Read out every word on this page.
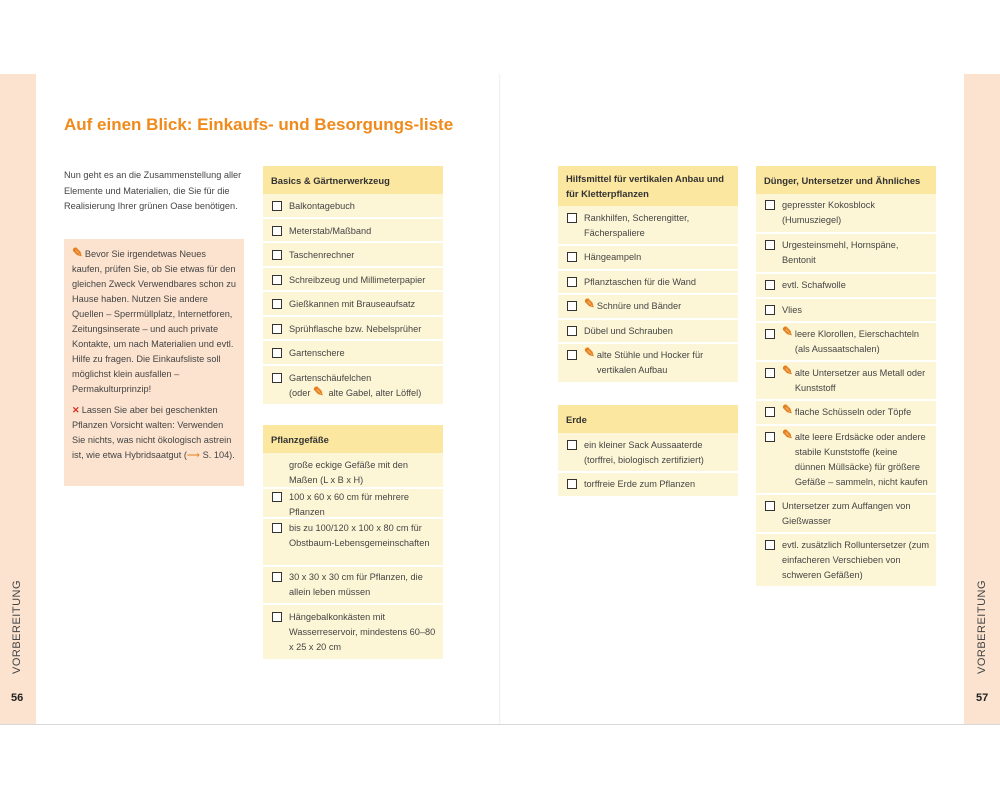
VORBEREITUNG	VORBEREITUNG
56	57
Auf einen Blick: Einkaufs- und Besorgungs-liste
Nun geht es an die Zusammenstellung aller Elemente und Materialien, die Sie für die Realisierung Ihrer grünen Oase benötigen.

✎ Bevor Sie irgendetwas Neues kaufen, prüfen Sie, ob Sie etwas für den gleichen Zweck Verwendbares schon zu Hause haben. Nutzen Sie andere Quellen – Sperrmüllplatz, Internetforen, Zeitungsinserate – und auch private Kontakte, um nach Materialien und evtl. Hilfe zu fragen. Die Einkaufsliste soll möglichst klein ausfallen – Permakulturprinzip!

✕ Lassen Sie aber bei geschenkten Pflanzen Vorsicht walten: Verwenden Sie nichts, was nicht ökologisch astrein ist, wie etwa Hybridsaatgut (⟶ S. 104).

Basics & Gärtnerwerkzeug
Balkontagebuch
Meterstab/Maßband
Taschenrechner
Schreibzeug und Millimeterpapier
Gießkannen mit Brauseaufsatz
Sprühflasche bzw. Nebelsprüher
Gartenschere
Gartenschäufelchen
(oder ✎ alte Gabel, alter Löffel)
Pflanzgefäße
große eckige Gefäße mit den Maßen (L x B x H)
100 x 60 x 60 cm für mehrere Pflanzen
bis zu 100/120 x 100 x 80 cm für Obstbaum-Lebensgemeinschaften
30 x 30 x 30 cm für Pflanzen, die allein leben müssen
Hängebalkonkästen mit Wasserreservoir, mindestens 60–80 x 25 x 20 cm
Hilfsmittel für vertikalen Anbau und für Kletterpflanzen
Rankhilfen, Scherengitter, Fächerspaliere
Hängeampeln
Pflanztaschen für die Wand
✎ Schnüre und Bänder
Dübel und Schrauben
✎ alte Stühle und Hocker für vertikalen Aufbau
Erde
ein kleiner Sack Aussaaterde (torffrei, biologisch zertifiziert)
torffreie Erde zum Pflanzen
Dünger, Untersetzer und Ähnliches
gepresster Kokosblock (Humusziegel)
Urgesteinsmehl, Hornspäne, Bentonit
evtl. Schafwolle
Vlies
✎ leere Klorollen, Eierschachteln (als Aussaatschalen)
✎ alte Untersetzer aus Metall oder Kunststoff
✎ flache Schüsseln oder Töpfe
✎ alte leere Erdsäcke oder andere stabile Kunststoffe (keine dünnen Müllsäcke) für größere Gefäße – sammeln, nicht kaufen
Untersetzer zum Auffangen von Gießwasser
evtl. zusätzlich Rolluntersetzer (zum einfacheren Verschieben von schweren Gefäßen)
